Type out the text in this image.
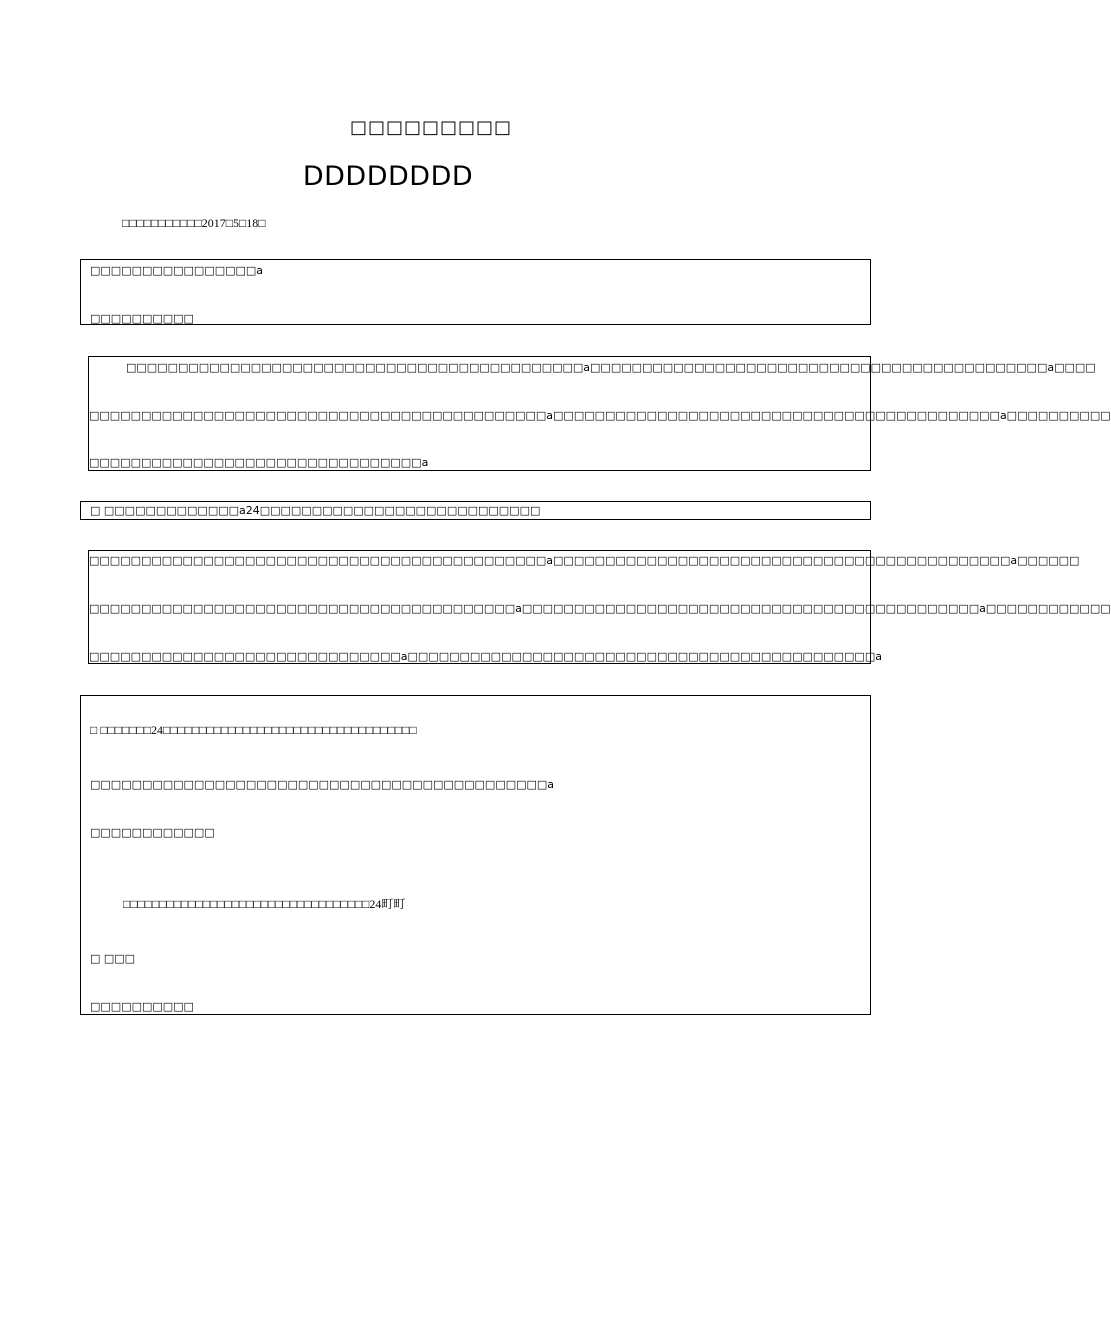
□□□□□□□□□
DDDDDDDD
□□□□□□□□□□□2017□5□18□
□□□□□□□□□□□□□□□□a
□□□□□□□□□□
□□□□□□□□□□□□□□□□□□□□□□□□□□□□□□□□□□□□□□□□□□□□a□□□□□□□□□□□□□□□□□□□□□□□□□□□□□□□□□□□□□□□□□□□□a□□□□
□□□□□□□□□□□□□□□□□□□□□□□□□□□□□□□□□□□□□□□□□□□□a□□□□□□□□□□□□□□□□□□□□□□□□□□□□□□□□□□□□□□□□□□□a□□□□□□□□□□
□□□□□□□□□□□□□□□□□□□□□□□□□□□□□□□□a
□ □□□□□□□□□□□□□a24□□□□□□□□□□□□□□□□□□□□□□□□□□□
□□□□□□□□□□□□□□□□□□□□□□□□□□□□□□□□□□□□□□□□□□□□a□□□□□□□□□□□□□□□□□□□□□□□□□□□□□□□□□□□□□□□□□□□□a□□□□□□
□□□□□□□□□□□□□□□□□□□□□□□□□□□□□□□□□□□□□□□□□a□□□□□□□□□□□□□□□□□□□□□□□□□□□□□□□□□□□□□□□□□□□□a□□□□□□□□□□□□
□□□□□□□□□□□□□□□□□□□□□□□□□□□□□□a□□□□□□□□□□□□□□□□□□□□□□□□□□□□□□□□□□□□□□□□□□□□□a
□ □□□□□□□24□□□□□□□□□□□□□□□□□□□□□□□□□□□□□□□□□□□
□□□□□□□□□□□□□□□□□□□□□□□□□□□□□□□□□□□□□□□□□□□□a
□□□□□□□□□□□□
□□□□□□□□□□□□□□□□□□□□□□□□□□□□□□□□□□24町町
□ □□□
□□□□□□□□□□
